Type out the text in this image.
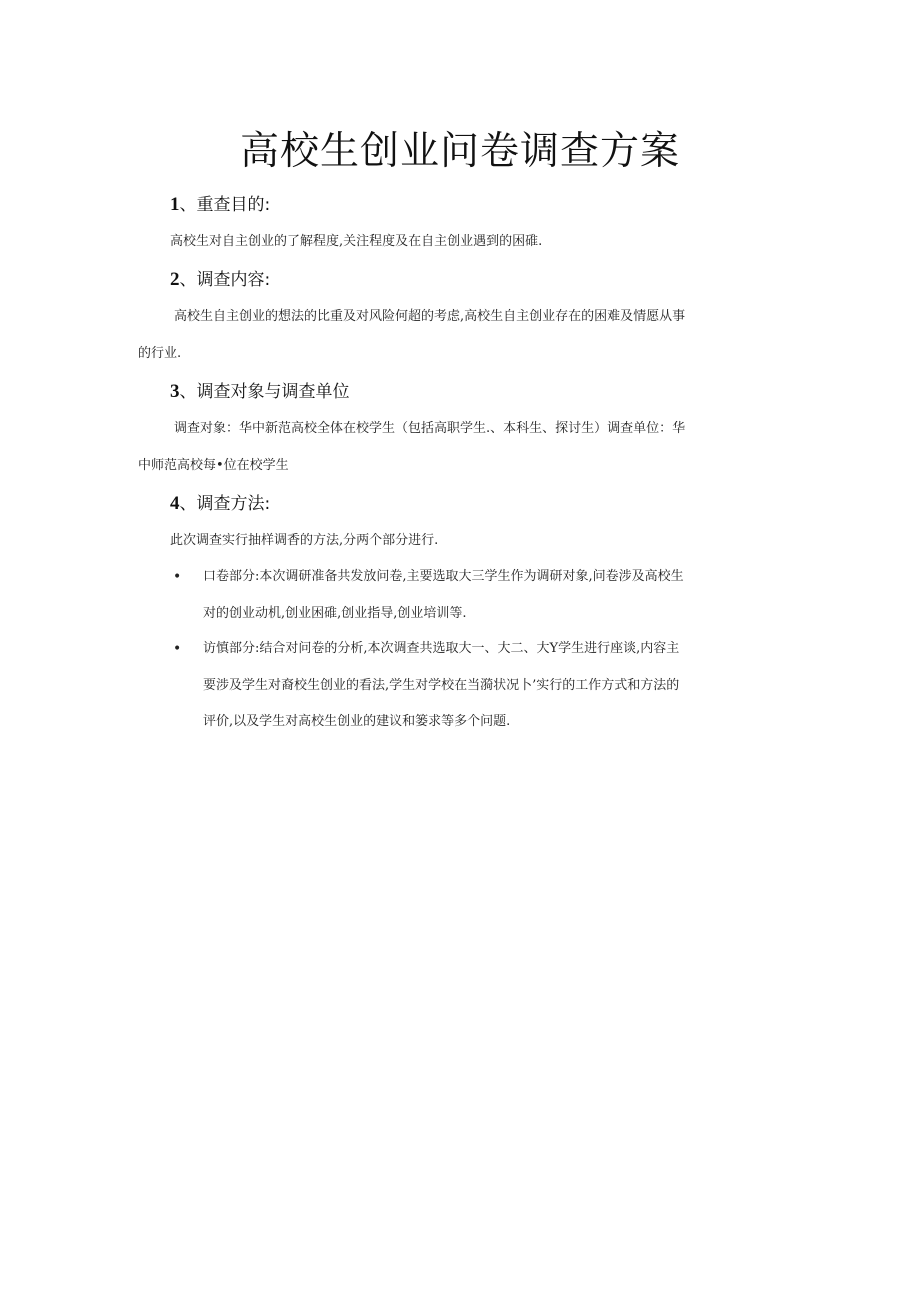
高校生创业问卷调查方案
1、重查目的:
高校生对自主创业的了解程度,关注程度及在自主创业遇到的困碓.
2、调查内容:
高校生自主创业的想法的比重及对风险何超的考虑,高校生自主创业存在的困难及情愿从事
的行业.
3、调查对象与调查单位
调查对象：华中新范高校全体在校学生（包括高职学生.、本科生、探讨生）调查单位：华
中师范高校每•位在校学生
4、调查方法:
此次调查实行抽样调香的方法,分两个部分进行.
• 口卷部分:本次调研准备共发放问卷,主要选取大三学生作为调研对象,问卷涉及高校生
对的创业动机,创业困碓,创业指导,创业培训等.
• 访慎部分:结合对问卷的分析,本次调查共选取大一、大二、大Y学生进行座谈,内容主
要涉及学生对裔校生创业的看法,学生对学校在当漪状况卜’实行的工作方式和方法的
评价,以及学生对高校生创业的建议和篓求等多个问题.
